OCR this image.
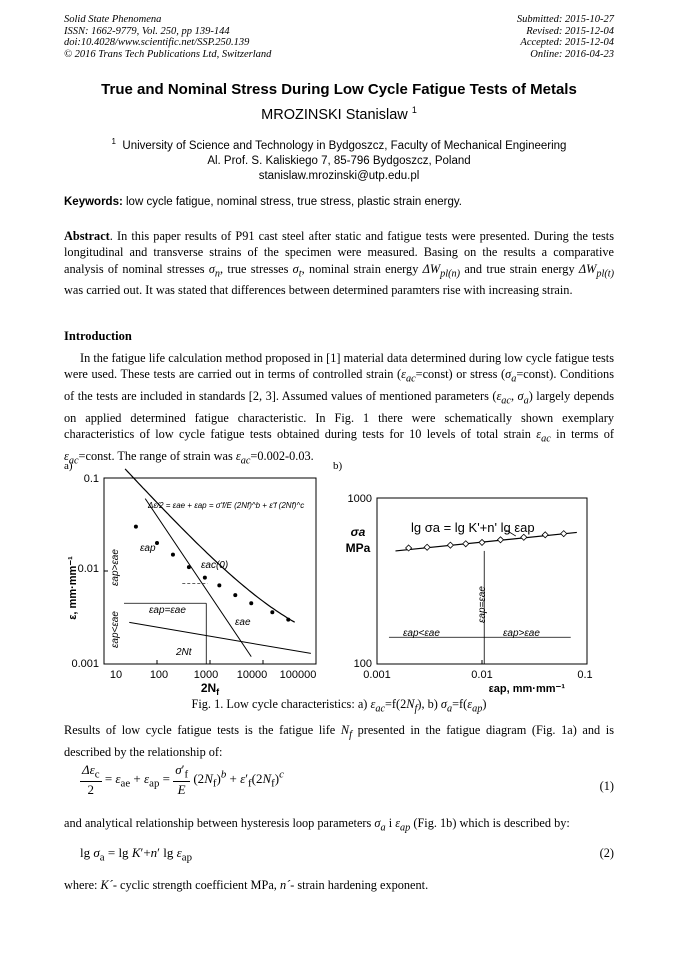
Solid State Phenomena
ISSN: 1662-9779, Vol. 250, pp 139-144
doi:10.4028/www.scientific.net/SSP.250.139
© 2016 Trans Tech Publications Ltd, Switzerland
Submitted: 2015-10-27
Revised: 2015-12-04
Accepted: 2015-12-04
Online: 2016-04-23
True and Nominal Stress During Low Cycle Fatigue Tests of Metals
MROZINSKI Stanislaw $^1$
$^1$ University of Science and Technology in Bydgoszcz, Faculty of Mechanical Engineering
Al. Prof. S. Kaliskiego 7, 85-796 Bydgoszcz, Poland
stanislaw.mrozinski@utp.edu.pl
Keywords: low cycle fatigue, nominal stress, true stress, plastic strain energy.
Abstract. In this paper results of P91 cast steel after static and fatigue tests were presented. During the tests longitudinal and transverse strains of the specimen were measured. Basing on the results a comparative analysis of nominal stresses $\sigma_n$, true stresses $\sigma_t$, nominal strain energy $\Delta W_{pl(n)}$ and true strain energy $\Delta W_{pl(t)}$ was carried out. It was stated that differences between determined paramters rise with increasing strain.
Introduction
In the fatigue life calculation method proposed in [1] material data determined during low cycle fatigue tests were used. These tests are carried out in terms of controlled strain $(\varepsilon_{ac}=const)$ or stress $(\sigma_a=const)$. Conditions of the tests are included in standards [2, 3]. Assumed values of mentioned parameters ($\varepsilon_{ac}$, $\sigma_a$) largely depends on applied determined fatigue characteristic. In Fig. 1 there were schematically shown exemplary characteristics of low cycle fatigue tests obtained during tests for 10 levels of total strain $\varepsilon_{ac}$ in terms of $\varepsilon_{ac}=const$. The range of strain was $\varepsilon_{ac}=0.002-0.03$.
a)	b)
0.1
0.01
0.001
10	100 1000 10000 100000
$2N_f$
ε, mm·mm⁻¹
Δε/2 = εae + εap = σ'f/E (2Nf)^b + ε'f (2Nf)^c
εap
εac(0)
εae
εap=εae
εap>εae
εap<εae
2Nt
1000
100
0.001	0.01	0.1
εap, mm·mm⁻¹
σa
MPa
lg σa = lg K'+n' lg εap
εap<εae	εap>εae
εap=εae
Fig. 1. Low cycle characteristics: a) $\varepsilon_{ac}=f(2N_f)$, b) $\sigma_a=f(\varepsilon_{ap})$
Results of low cycle fatigue tests is the fatigue life $N_f$ presented in the fatigue diagram (Fig. 1a) and is described by the relationship of:
$\frac{\Delta\varepsilon_c}{2} = \varepsilon_{ae} + \varepsilon_{ap} = \frac{\sigma'_f}{E} (2N_f)^b + \varepsilon'_f(2N_f)^c$
(1)
and analytical relationship between hysteresis loop parameters $\sigma_a$ i $\varepsilon_{ap}$ (Fig. 1b) which is described by:
$\lg \sigma_a = \lg K'+n'$ $\lg \varepsilon_{ap}$	(2)
where: K´- cyclic strength coefficient MPa, n´- strain hardening exponent.
